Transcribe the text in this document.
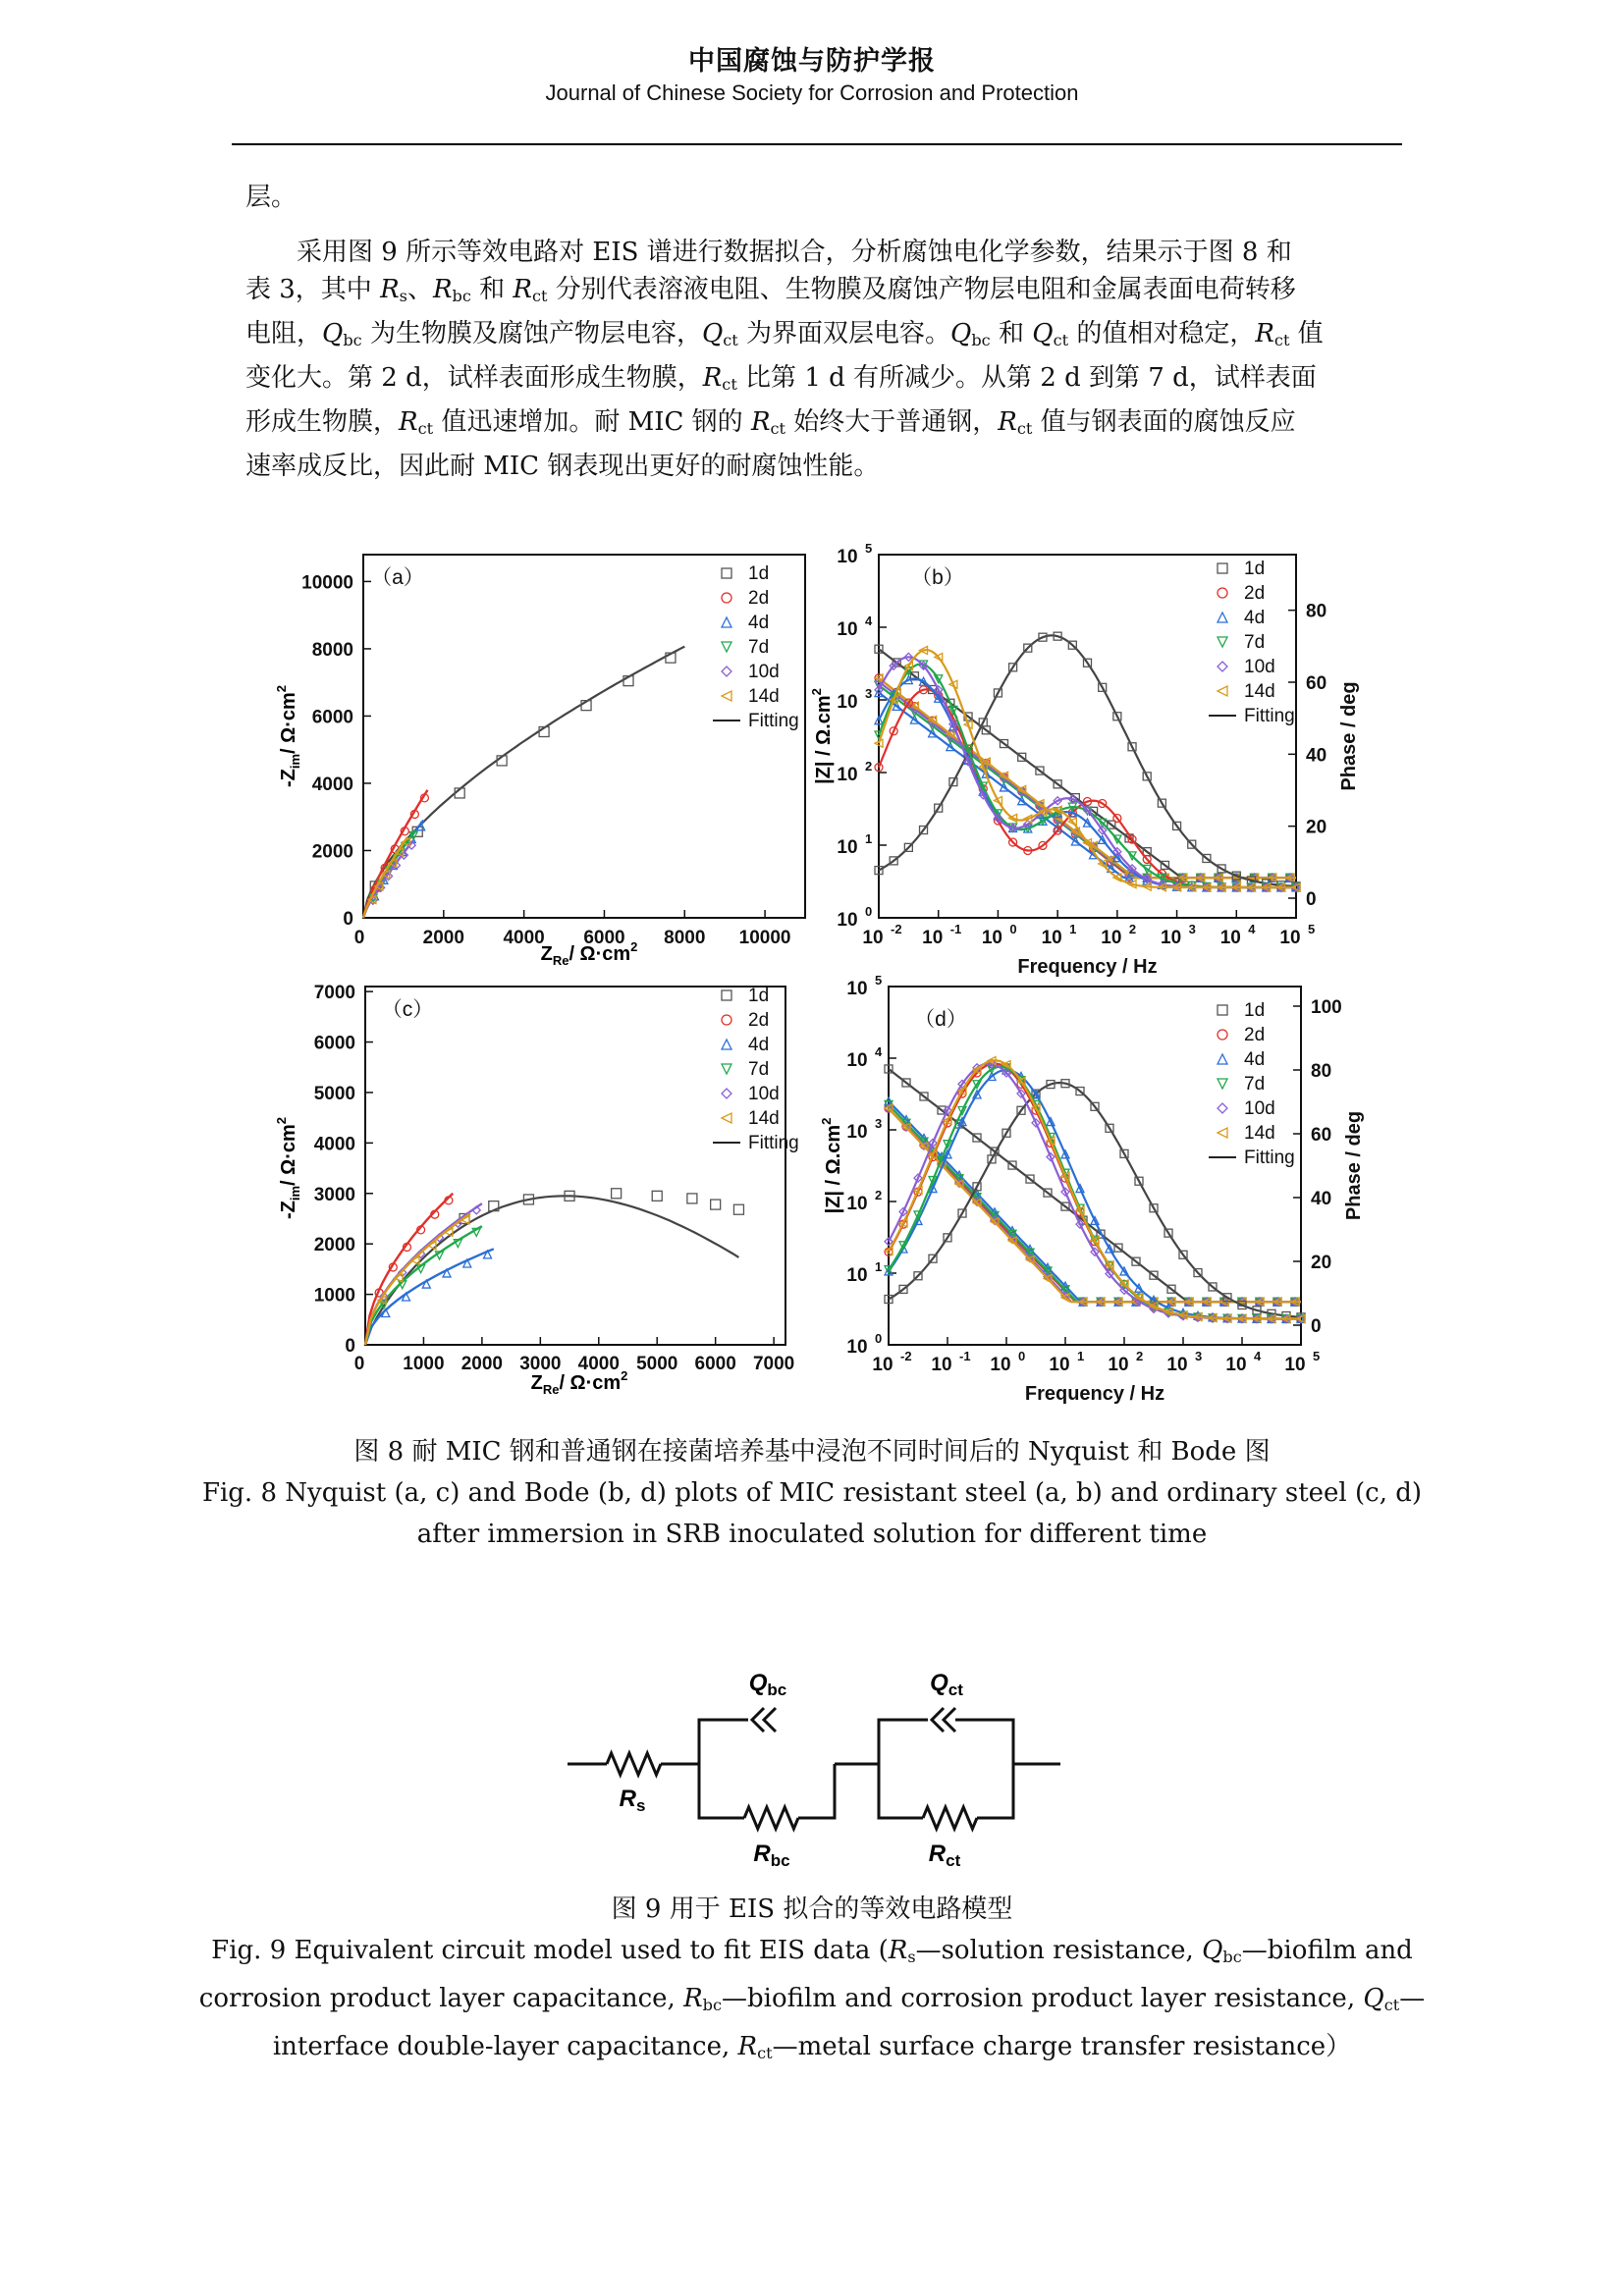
中国腐蚀与防护学报
Journal of Chinese Society for Corrosion and Protection
层。
采用图 9 所示等效电路对 EIS 谱进行数据拟合，分析腐蚀电化学参数，结果示于图 8 和
表 3，其中 $R_s$、$R_{bc}$ 和 $R_{ct}$ 分别代表溶液电阻、生物膜及腐蚀产物层电阻和金属表面电荷转移
电阻，$Q_{bc}$ 为生物膜及腐蚀产物层电容，$Q_{ct}$ 为界面双层电容。$Q_{bc}$ 和 $Q_{ct}$ 的值相对稳定，$R_{ct}$ 值
变化大。第 2 d，试样表面形成生物膜，$R_{ct}$ 比第 1 d 有所减少。从第 2 d 到第 7 d，试样表面
形成生物膜，$R_{ct}$ 值迅速增加。耐 MIC 钢的 $R_{ct}$ 始终大于普通钢，$R_{ct}$ 值与钢表面的腐蚀反应
速率成反比，因此耐 MIC 钢表现出更好的耐腐蚀性能。
0	2000 4000 6000 8000 10000
0
2000
4000
6000
8000
10000
$Z_{Re}/$ $\Omega\cdot cm^2$
$-Z_{im}/$ $\Omega\cdot cm^2$
（a）	1d
2d
4d
7d
10d
14d
Fitting
10 -2 10 -1 10 0 10 1 10 2 10 3 10 4 10 5
10 0
10 1
10 2
10 3
10 4
10 5
0
20
40
60
80
Frequency / Hz
$|Z| / \Omega.cm^2$	Phase / deg
（b）	1d
2d
4d
7d
10d
14d
Fitting
0 1000 2000 3000 4000 5000 6000 7000
0
1000
2000
3000
4000
5000
6000
7000
$Z_{Re}/$ $\Omega\cdot cm^2$
$-Z_{im}/$ $\Omega\cdot cm^2$
（c）
1d
2d
4d
7d
10d
14d
Fitting
10 -2 10 -1 10 0 10 1 10 2 10 3 10 4 10 5
10 0
10 1
10 2
10 3
10 4
10 5
0
20
40
60
80
100
Frequency / Hz
$|Z| / \Omega.cm^2$	Phase / deg
（d）	1d
2d
4d
7d
10d
14d
Fitting
$Q_{bc}$	$Q_{ct}$
$R_s$
$R_{bc}$	$R_{ct}$
图 8 耐 MIC 钢和普通钢在接菌培养基中浸泡不同时间后的 Nyquist 和 Bode 图
Fig. 8 Nyquist (a, c) and Bode (b, d) plots of MIC resistant steel (a, b) and ordinary steel (c, d)
after immersion in SRB inoculated solution for different time
图 9 用于 EIS 拟合的等效电路模型
Fig. 9 Equivalent circuit model used to fit EIS data ($R_s—solution$ resistance, $Q_{bc}—biofilm$ and
corrosion product layer capacitance, $R_{bc}—biofilm$ and corrosion product layer resistance, $Q_{ct}—$
interface double-layer capacitance, $R_{ct}—metal$ surface charge transfer resistance）
